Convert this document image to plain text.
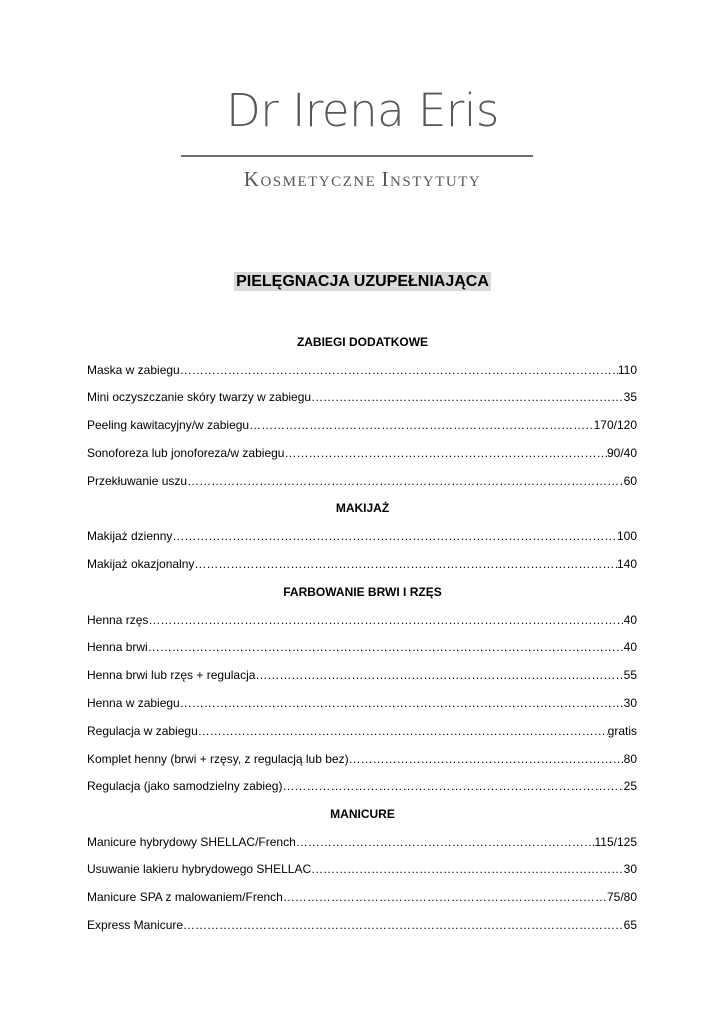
Dr Irena Eris
KOSMETYCZNE INSTYTUTY
PIELĘGNACJA UZUPEŁNIAJĄCA
ZABIEGI DODATKOWE
Maska w zabiegu ……………………………………………………………………………………………………………………………………………………………………………………………………………………	110
Mini oczyszczanie skóry twarzy w zabiegu ……………………………………………………………………………………………………………………………………………………………………………………………………………………	35
Peeling kawitacyjny/w zabiegu ……………………………………………………………………………………………………………………………………………………………………………………………………………………	170/120
Sonoforeza lub jonoforeza/w zabiegu ……………………………………………………………………………………………………………………………………………………………………………………………………………………	90/40
Przekłuwanie uszu ……………………………………………………………………………………………………………………………………………………………………………………………………………………	60
MAKIJAŻ
Makijaż dzienny ……………………………………………………………………………………………………………………………………………………………………………………………………………………	100
Makijaż okazjonalny ……………………………………………………………………………………………………………………………………………………………………………………………………………………	140
FARBOWANIE BRWI I RZĘS
Henna rzęs ……………………………………………………………………………………………………………………………………………………………………………………………………………………	40
Henna brwi ……………………………………………………………………………………………………………………………………………………………………………………………………………………	40
Henna brwi lub rzęs + regulacja ……………………………………………………………………………………………………………………………………………………………………………………………………………………	55
Henna w zabiegu ……………………………………………………………………………………………………………………………………………………………………………………………………………………	30
Regulacja w zabiegu ……………………………………………………………………………………………………………………………………………………………………………………………………………………	gratis
Komplet henny (brwi + rzęsy, z regulacją lub bez) ……………………………………………………………………………………………………………………………………………………………………………………………………………………	80
Regulacja (jako samodzielny zabieg) ……………………………………………………………………………………………………………………………………………………………………………………………………………………	25
MANICURE
Manicure hybrydowy SHELLAC/French ……………………………………………………………………………………………………………………………………………………………………………………………………………………	115/125
Usuwanie lakieru hybrydowego SHELLAC ……………………………………………………………………………………………………………………………………………………………………………………………………………………	30
Manicure SPA z malowaniem/French ……………………………………………………………………………………………………………………………………………………………………………………………………………………	75/80
Express Manicure ……………………………………………………………………………………………………………………………………………………………………………………………………………………	65
